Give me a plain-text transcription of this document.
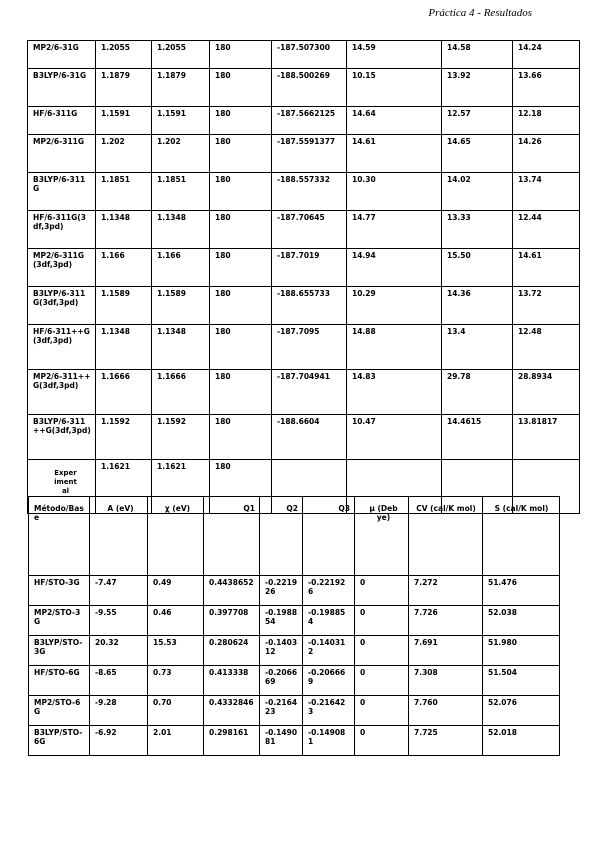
Práctica 4 - Resultados
MP2/6-31G	1.2055	1.2055	180	-187.507300	14.59	14.58	14.24
B3LYP/6-31G	1.1879	1.1879	180	-188.500269	10.15	13.92	13.66
HF/6-311G	1.1591	1.1591	180	-187.5662125	14.64	12.57	12.18
MP2/6-311G	1.202	1.202	180	-187.5591377	14.61	14.65	14.26
B3LYP/6-311G	1.1851	1.1851	180	-188.557332	10.30	14.02	13.74
HF/6-311G(3df,3pd)	1.1348	1.1348	180	-187.70645	14.77	13.33	12.44
MP2/6-311G(3df,3pd)	1.166	1.166	180	-187.7019	14.94	15.50	14.61
B3LYP/6-311G(3df,3pd)	1.1589	1.1589	180	-188.655733	10.29	14.36	13.72
HF/6-311++G(3df,3pd)	1.1348	1.1348	180	-187.7095	14.88	13.4	12.48
MP2/6-311++G(3df,3pd)	1.1666	1.1666	180	-187.704941	14.83	29.78	28.8934
B3LYP/6-311++G(3df,3pd)	1.1592	1.1592	180	-188.6604	10.47	14.4615	13.81817
Experimental	1.1621	1.1621	180				
Método/Base	A (eV)	χ (eV)	Q1	Q2	Q3	μ (Debye)	CV (cal/K mol)	S (cal/K mol)
HF/STO-3G	-7.47	0.49	0.4438652	-0.221926	-0.221926	0	7.272	51.476
MP2/STO-3G	-9.55	0.46	0.397708	-0.198854	-0.198854	0	7.726	52.038
B3LYP/STO-3G	20.32	15.53	0.280624	-0.140312	-0.140312	0	7.691	51.980
HF/STO-6G	-8.65	0.73	0.413338	-0.206669	-0.206669	0	7.308	51.504
MP2/STO-6G	-9.28	0.70	0.4332846	-0.216423	-0.216423	0	7.760	52.076
B3LYP/STO-6G	-6.92	2.01	0.298161	-0.149081	-0.149081	0	7.725	52.018
